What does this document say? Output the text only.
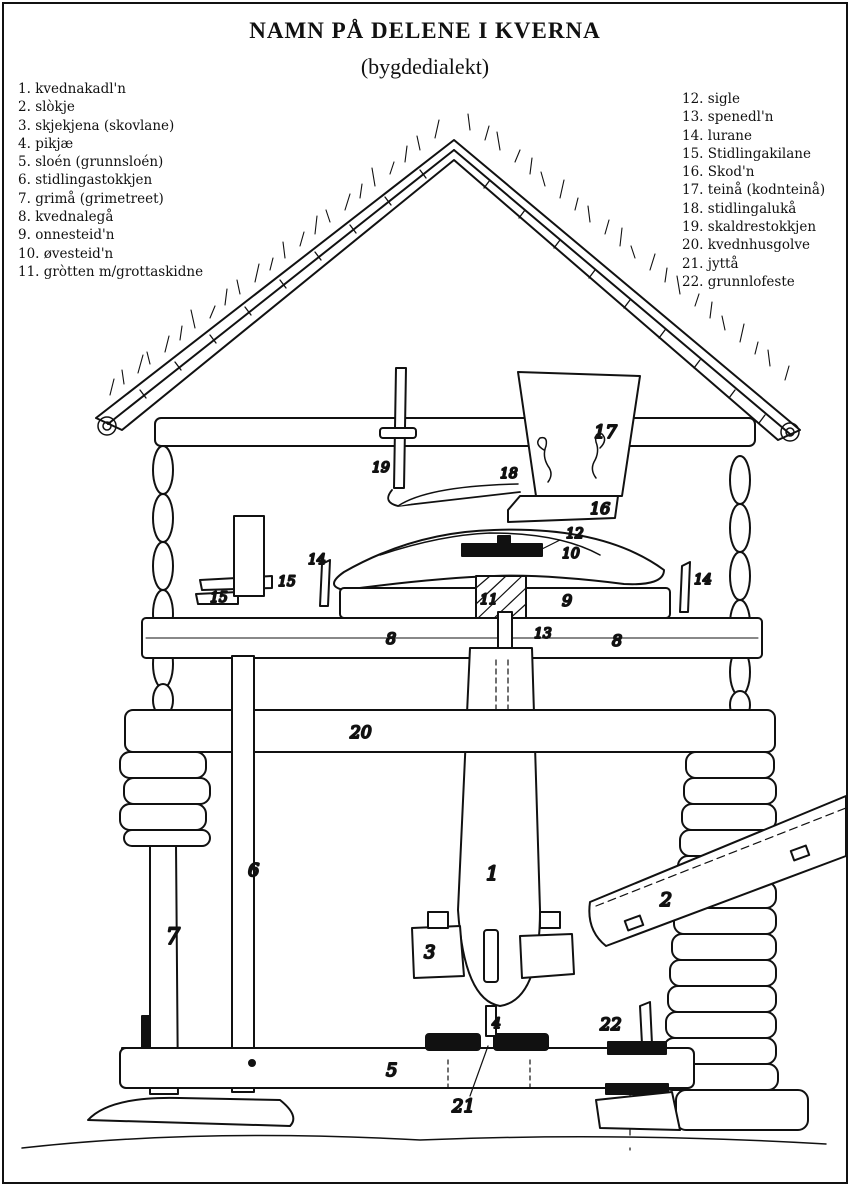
NAMN PÅ DELENE I KVERNA
(bygdedialekt)
1. kvednakadl'n
2. slòkje
3. skjekjena (skovlane)
4. pikjæ
5. sloén (grunnsloén)
6. stidlingastokkjen
7. grimå (grimetreet)
8. kvednalegå
9. onnesteid'n
10. øvesteid'n
11. gròtten m/grottaskidne
12. sigle
13. spenedl'n
14. lurane
15. Stidlingakilane
16. Skod'n
17. teinå (kodnteinå)
18. stidlingalukå
19. skaldrestokkjen
20. kvednhusgolve
21. jyttå
22. grunnlofeste
1
2
3
4
5
6
7
8	8
9
10
11
12
13
14
14
15
15
16
17
18
19
20
21
22
